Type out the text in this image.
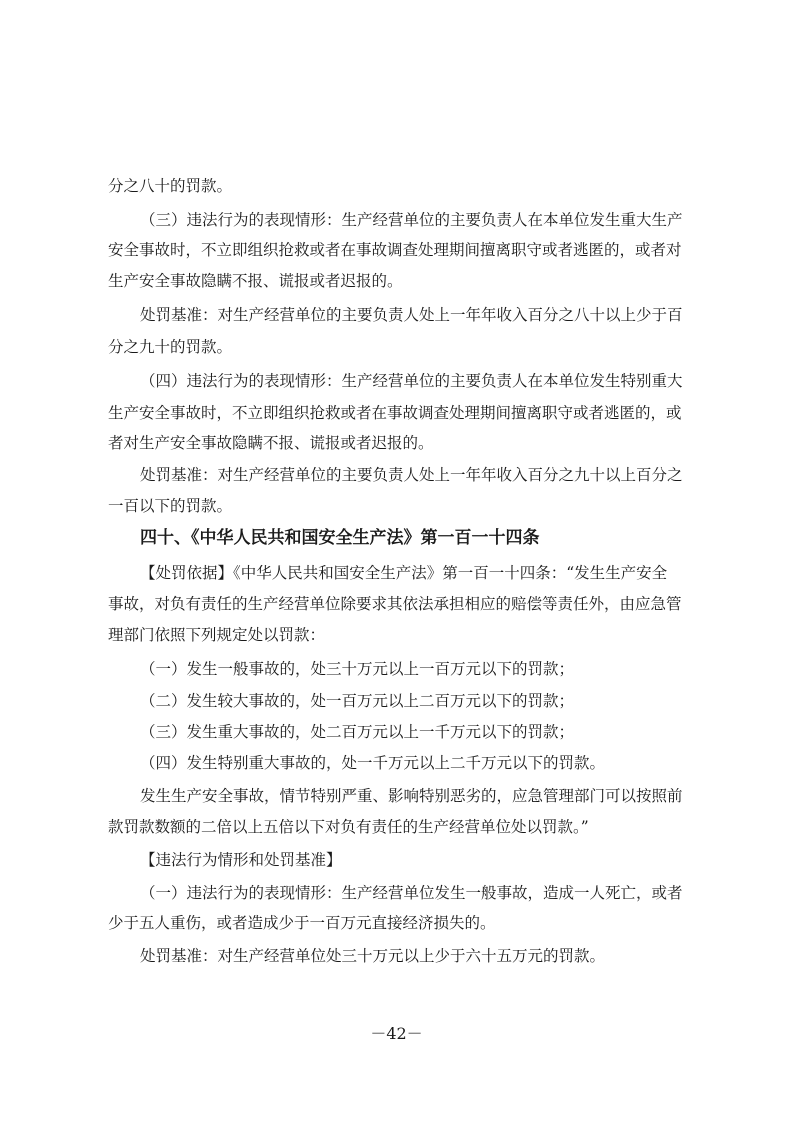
分之八十的罚款。
（三）违法行为的表现情形：生产经营单位的主要负责人在本单位发生重大生产
安全事故时，不立即组织抢救或者在事故调查处理期间擅离职守或者逃匿的，或者对
生产安全事故隐瞒不报、谎报或者迟报的。
处罚基准：对生产经营单位的主要负责人处上一年年收入百分之八十以上少于百
分之九十的罚款。
（四）违法行为的表现情形：生产经营单位的主要负责人在本单位发生特别重大
生产安全事故时，不立即组织抢救或者在事故调查处理期间擅离职守或者逃匿的，或
者对生产安全事故隐瞒不报、谎报或者迟报的。
处罚基准：对生产经营单位的主要负责人处上一年年收入百分之九十以上百分之
一百以下的罚款。
四十、《中华人民共和国安全生产法》第一百一十四条
【处罚依据】《中华人民共和国安全生产法》第一百一十四条：“发生生产安全
事故，对负有责任的生产经营单位除要求其依法承担相应的赔偿等责任外，由应急管
理部门依照下列规定处以罚款：
（一）发生一般事故的，处三十万元以上一百万元以下的罚款；
（二）发生较大事故的，处一百万元以上二百万元以下的罚款；
（三）发生重大事故的，处二百万元以上一千万元以下的罚款；
（四）发生特别重大事故的，处一千万元以上二千万元以下的罚款。
发生生产安全事故，情节特别严重、影响特别恶劣的，应急管理部门可以按照前
款罚款数额的二倍以上五倍以下对负有责任的生产经营单位处以罚款。”
【违法行为情形和处罚基准】
（一）违法行为的表现情形：生产经营单位发生一般事故，造成一人死亡，或者
少于五人重伤，或者造成少于一百万元直接经济损失的。
处罚基准：对生产经营单位处三十万元以上少于六十五万元的罚款。
－42－
